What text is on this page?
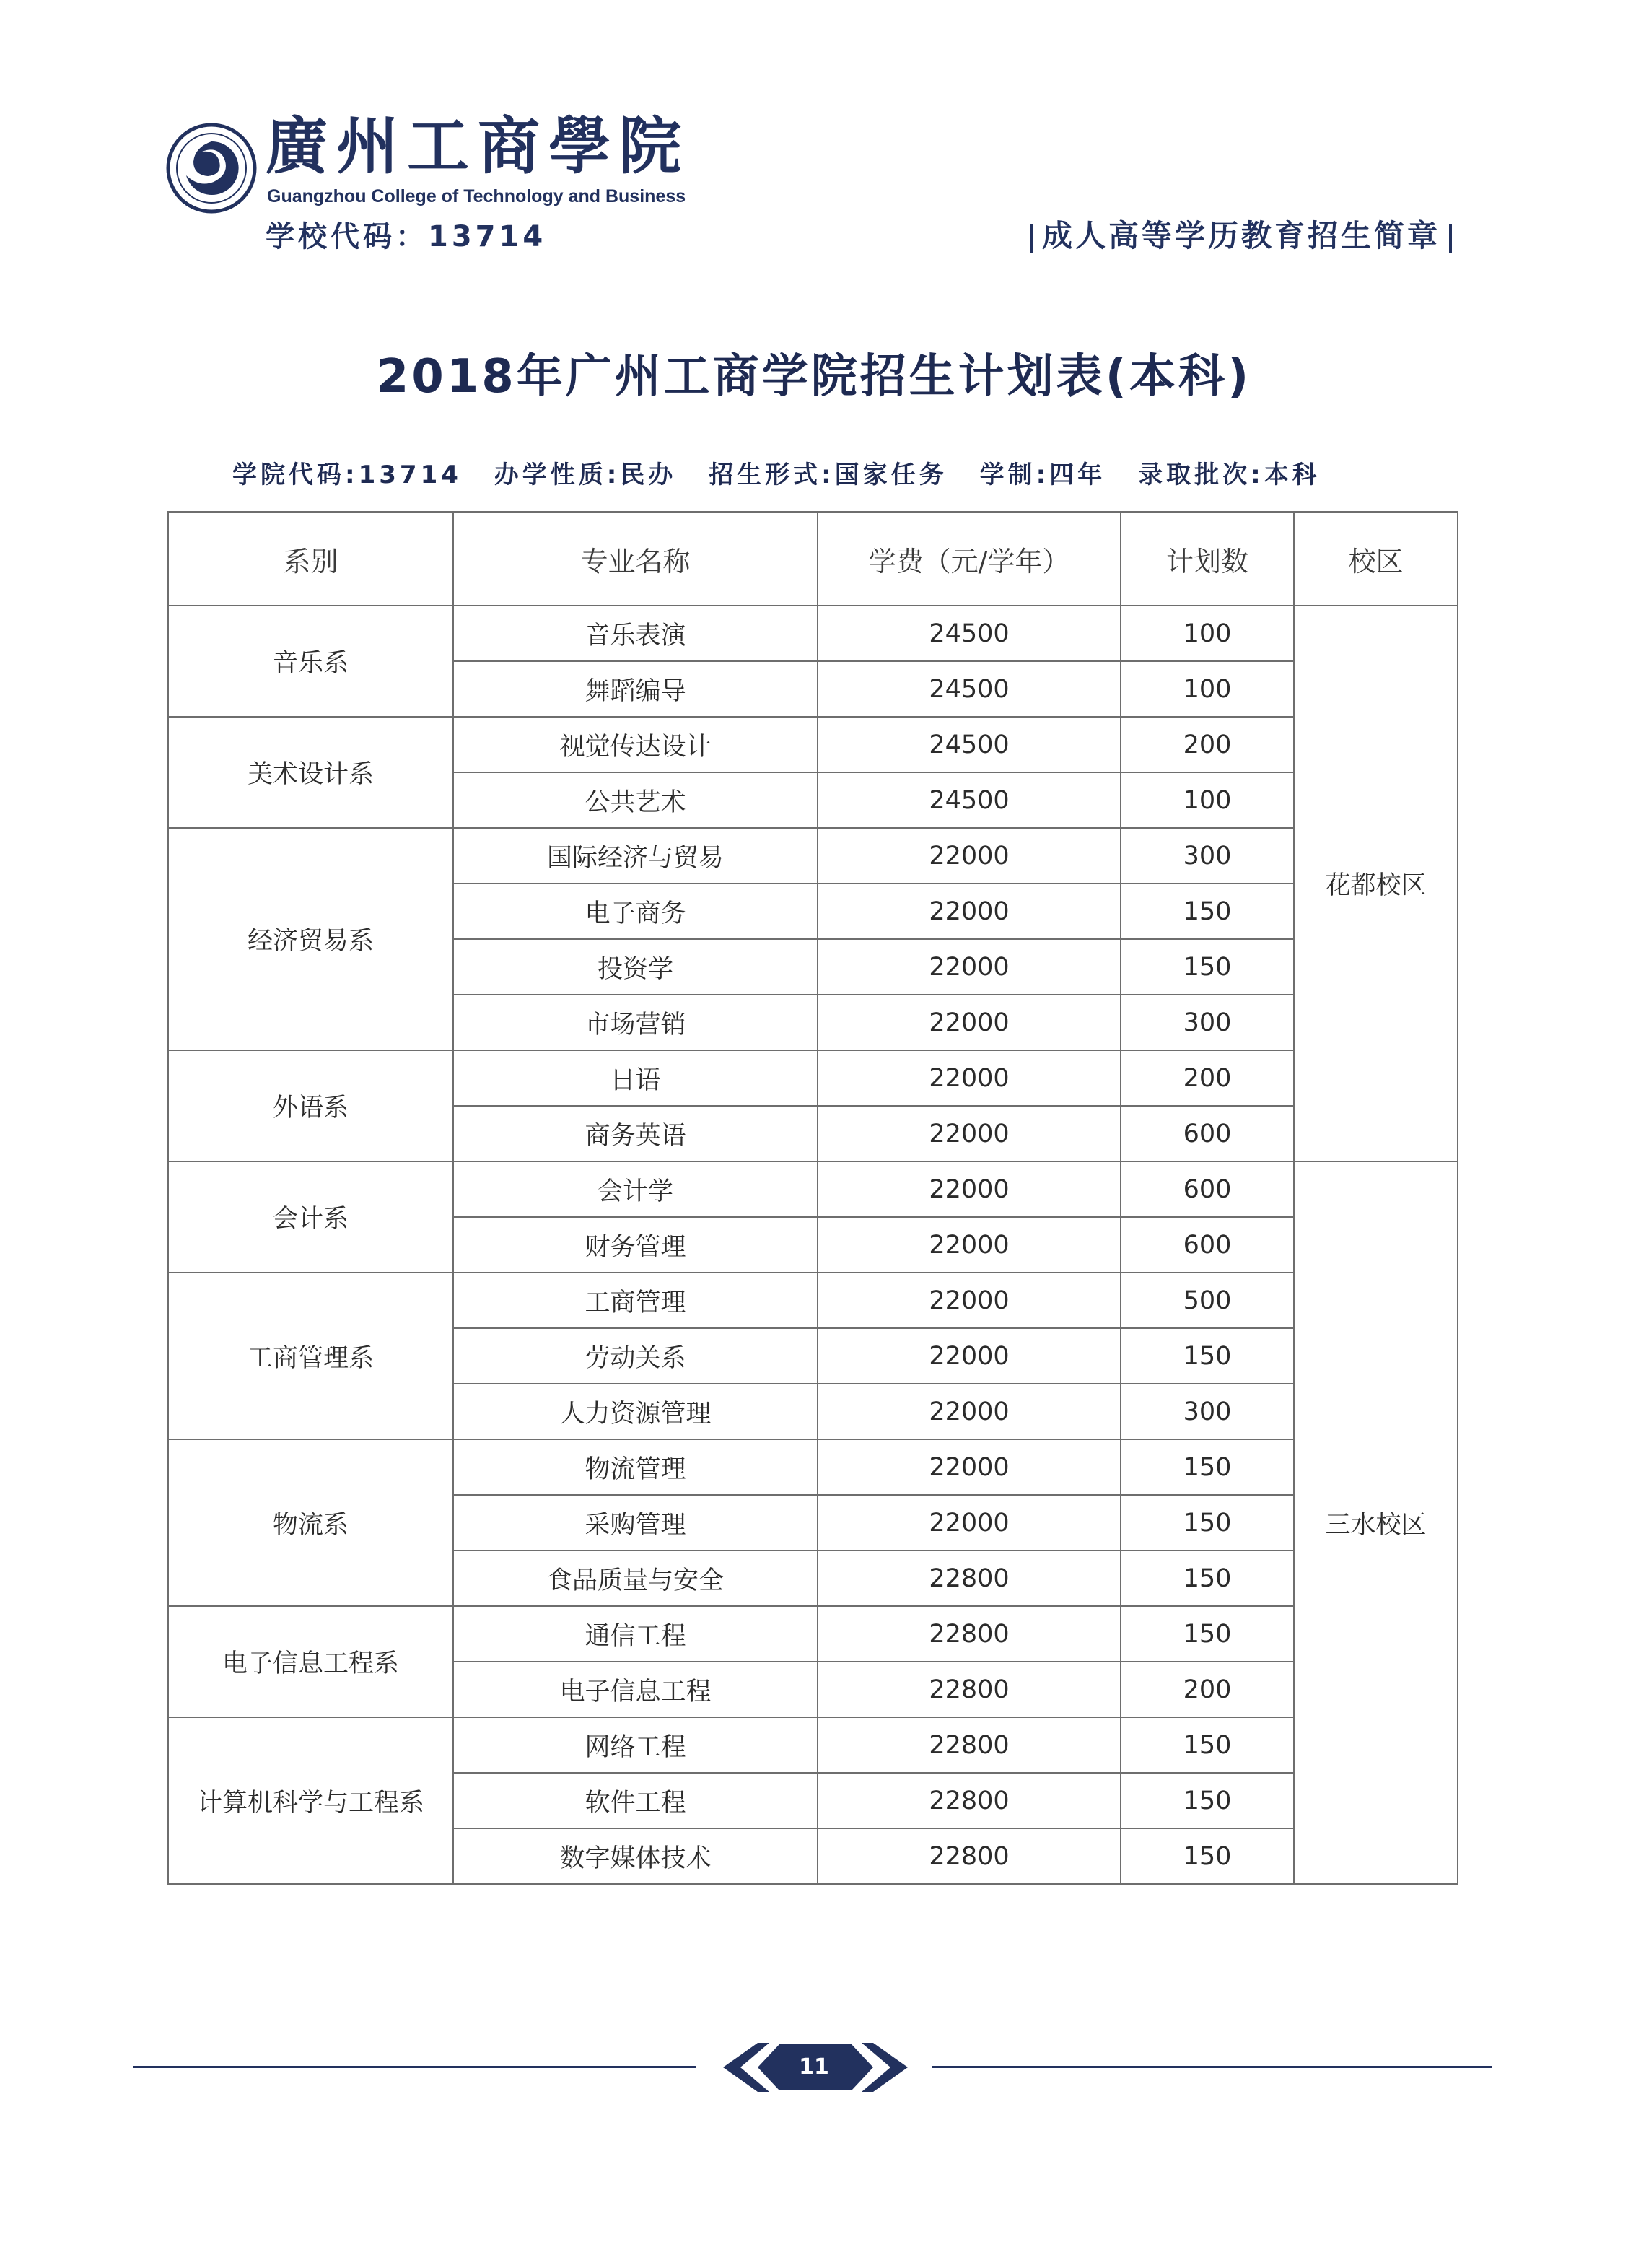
廣州工商學院
Guangzhou College of Technology and Business
学校代码：13714	成人高等学历教育招生简章
2018年广州工商学院招生计划表(本科)
学院代码:13714 办学性质:民办 招生形式:国家任务 学制:四年 录取批次:本科
系别	专业名称	学费（元/学年）	计划数	校区
音乐系	音乐表演	24500	100	花都校区
	舞蹈编导	24500	100	
美术设计系	视觉传达设计	24500	200	
	公共艺术	24500	100	
经济贸易系	国际经济与贸易	22000	300	
	电子商务	22000	150	
	投资学	22000	150	
	市场营销	22000	300	
外语系	日语	22000	200	
	商务英语	22000	600	
会计系	会计学	22000	600	三水校区
	财务管理	22000	600	
工商管理系	工商管理	22000	500	
	劳动关系	22000	150	
	人力资源管理	22000	300	
物流系	物流管理	22000	150	
	采购管理	22000	150	
	食品质量与安全	22800	150	
电子信息工程系	通信工程	22800	150	
	电子信息工程	22800	200	
计算机科学与工程系	网络工程	22800	150	
	软件工程	22800	150	
	数字媒体技术	22800	150	
11
